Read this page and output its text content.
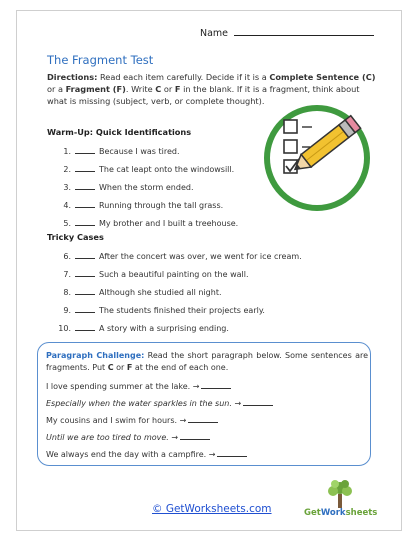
Name
The Fragment Test
Directions: Read each item carefully. Decide if it is a Complete Sentence (C) or a Fragment (F). Write C or F in the blank. If it is a fragment, think about what is missing (subject, verb, or complete thought).
Warm-Up: Quick Identifications
1.	Because I was tired.
2.	The cat leapt onto the windowsill.
3.	When the storm ended.
4.	Running through the tall grass.
5.	My brother and I built a treehouse.
Tricky Cases
6.	After the concert was over, we went for ice cream.
7.	Such a beautiful painting on the wall.
8.	Although she studied all night.
9.	The students finished their projects early.
10.	A story with a surprising ending.
Paragraph Challenge: Read the short paragraph below. Some sentences are fragments. Put C or F at the end of each one.
I love spending summer at the lake. →
Especially when the water sparkles in the sun. →
My cousins and I swim for hours. →
Until we are too tired to move. →
We always end the day with a campfire. →
© GetWorksheets.com	GetWorksheets
